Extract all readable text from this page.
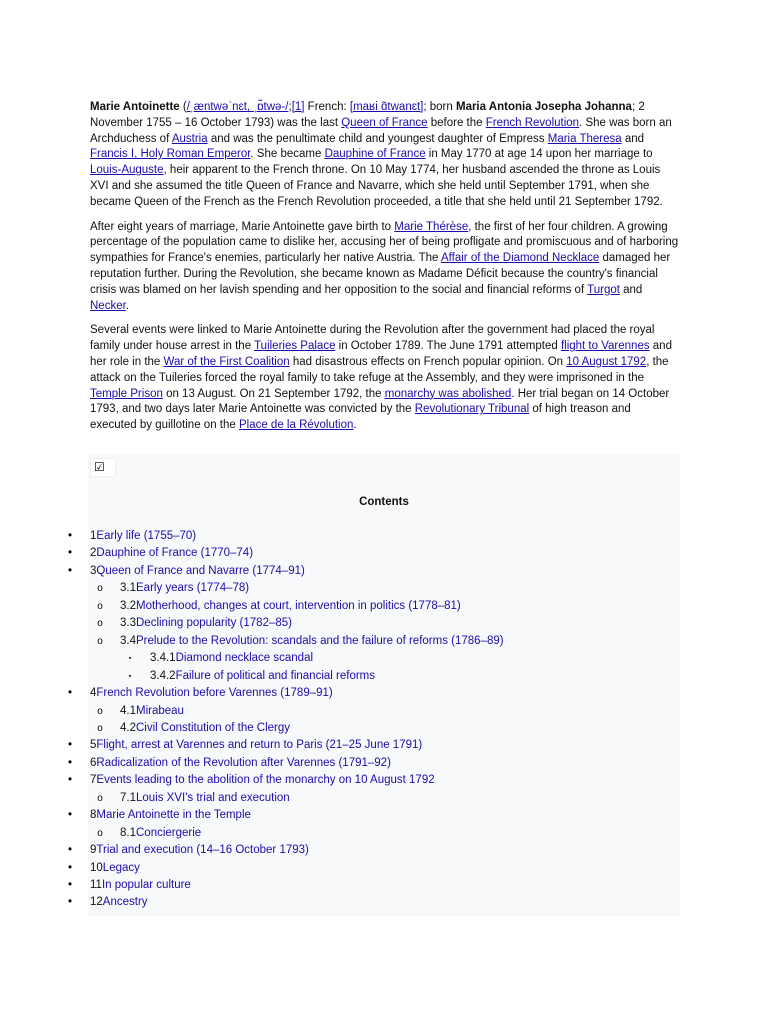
Marie Antoinette (/ˌæntwəˈnɛt, ˌɒ̃twə-/;[1] French: [maʁi ɑ̃twanɛt]; born Maria Antonia Josepha Johanna; 2 November 1755 – 16 October 1793) was the last Queen of France before the French Revolution. She was born an Archduchess of Austria and was the penultimate child and youngest daughter of Empress Maria Theresa and Francis I, Holy Roman Emperor. She became Dauphine of France in May 1770 at age 14 upon her marriage to Louis-Auguste, heir apparent to the French throne. On 10 May 1774, her husband ascended the throne as Louis XVI and she assumed the title Queen of France and Navarre, which she held until September 1791, when she became Queen of the French as the French Revolution proceeded, a title that she held until 21 September 1792.

After eight years of marriage, Marie Antoinette gave birth to Marie Thérèse, the first of her four children. A growing percentage of the population came to dislike her, accusing her of being profligate and promiscuous and of harboring sympathies for France's enemies, particularly her native Austria. The Affair of the Diamond Necklace damaged her reputation further. During the Revolution, she became known as Madame Déficit because the country's financial crisis was blamed on her lavish spending and her opposition to the social and financial reforms of Turgot and Necker.

Several events were linked to Marie Antoinette during the Revolution after the government had placed the royal family under house arrest in the Tuileries Palace in October 1789. The June 1791 attempted flight to Varennes and her role in the War of the First Coalition had disastrous effects on French popular opinion. On 10 August 1792, the attack on the Tuileries forced the royal family to take refuge at the Assembly, and they were imprisoned in the Temple Prison on 13 August. On 21 September 1792, the monarchy was abolished. Her trial began on 14 October 1793, and two days later Marie Antoinette was convicted by the Revolutionary Tribunal of high treason and executed by guillotine on the Place de la Révolution.

☑
Contents
•	1Early life (1755–70)
•	2Dauphine of France (1770–74)
•	3Queen of France and Navarre (1774–91)
o 3.1Early years (1774–78)
o 3.2Motherhood, changes at court, intervention in politics (1778–81)
o 3.3Declining popularity (1782–85)
o 3.4Prelude to the Revolution: scandals and the failure of reforms (1786–89)
▪	3.4.1Diamond necklace scandal
▪	3.4.2Failure of political and financial reforms
•	4French Revolution before Varennes (1789–91)
o 4.1Mirabeau
o 4.2Civil Constitution of the Clergy
•	5Flight, arrest at Varennes and return to Paris (21–25 June 1791)
•	6Radicalization of the Revolution after Varennes (1791–92)
•	7Events leading to the abolition of the monarchy on 10 August 1792
o 7.1Louis XVI's trial and execution
•	8Marie Antoinette in the Temple
o 8.1Conciergerie
•	9Trial and execution (14–16 October 1793)
•	10Legacy
•	11In popular culture
•	12Ancestry
